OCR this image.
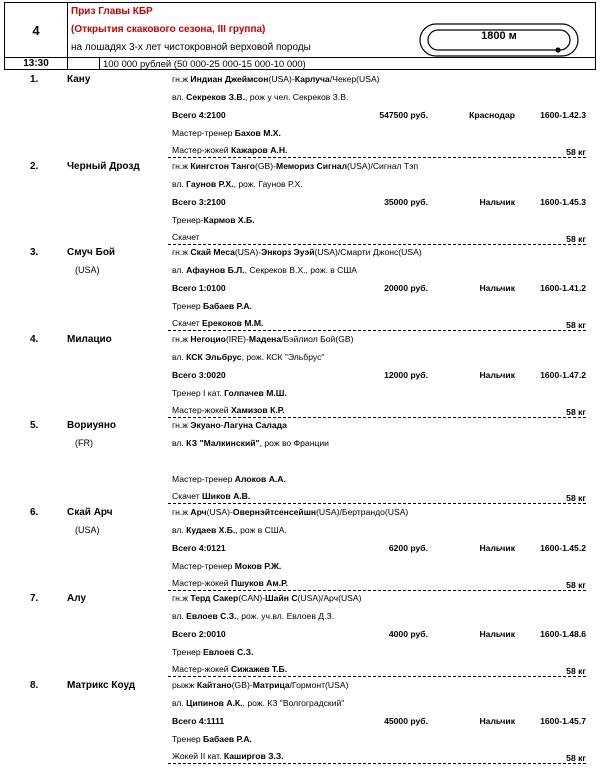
4
13:30
Приз Главы КБР
(Открытия скакового сезона, III группа)
на лошадях 3-х лет чистокровной верховой породы
100 000 рублей (50 000-25 000-15 000-10 000)
1800 м
1.	Кану	гн.ж Индиан Джеймсон(USA)-Карлуча/Чекер(USA)
вл. Секреков З.В., рож у чел. Секреков З.В.
Всего 4:2100	547500 руб.	Краснодар	1600-1.42.3
Мастер-тренер Бахов М.Х.
Мастер-жокей Кажаров А.Н.	58 кг
2.	Черный Дрозд	гн.ж Кингстон Танго(GB)-Мемориз Сигнал(USA)/Сигнал Тэп
вл. Гаунов Р.Х., рож. Гаунов Р.Х.
Всего 3:2100	35000 руб.	Нальчик	1600-1.45.3
Тренер-Кармов Х.Б.
Скачет	58 кг
3.	Смуч Бой
(USA)
гн.ж Скай Меса(USA)-Энкорз Эуэй(USA)/Смарти Джонс(USA)
вл. Афаунов Б.Л., Секреков В.Х., рож. в США
Всего 1:0100	20000 руб.	Нальчик	1600-1.41.2
Тренер Бабаев Р.А.
Скачет Ерекоков М.М.	58 кг
4.	Милацио	гн.ж Негоцио(IRE)-Мадена/Бэйлиол Бой(GB)
вл. КСК Эльбрус, рож. КСК "Эльбрус"
Всего 3:0020	12000 руб.	Нальчик	1600-1.47.2
Тренер I кат. Голпачев М.Ш.
Мастер-жокей Хамизов К.Р.	58 кг
5.	Вориуяно
(FR)
гн.ж Экуано-Лагуна Салада
вл. КЗ "Малкинский", рож во Франции
Мастер-тренер Алоков А.А.
Скачет Шиков А.В.	58 кг
6.	Скай Арч
(USA)
гн.ж Арч(USA)-Овернэйтсенсейшн(USA)/Бертрандо(USA)
вл. Кудаев Х.Б., рож в США.
Всего 4:0121	6200 руб.	Нальчик	1600-1.45.2
Мастер-тренер Моков Р.Ж.
Мастер-жокей Пшуков Ам.Р.	58 кг
7.	Алу	гн.ж Терд Сакер(CAN)-Шайн С(USA)/Арч(USA)
вл. Евлоев С.З., рож. уч.вл. Евлоев Д.З.
Всего 2:0010	4000 руб.	Нальчик	1600-1.48.6
Тренер Евлоев С.З.
Мастер-жокей Сижажев Т.Б.	58 кг
8.	Матрикс Коуд	рыжж Кайтано(GB)-Матрица/Гормонт(USA)
вл. Ципинов А.К., рож. КЗ "Волгоградский"
Всего 4:1111	45000 руб.	Нальчик	1600-1.45.7
Тренер Бабаев Р.А.
Жокей II кат. Каширгов З.З.	58 кг
